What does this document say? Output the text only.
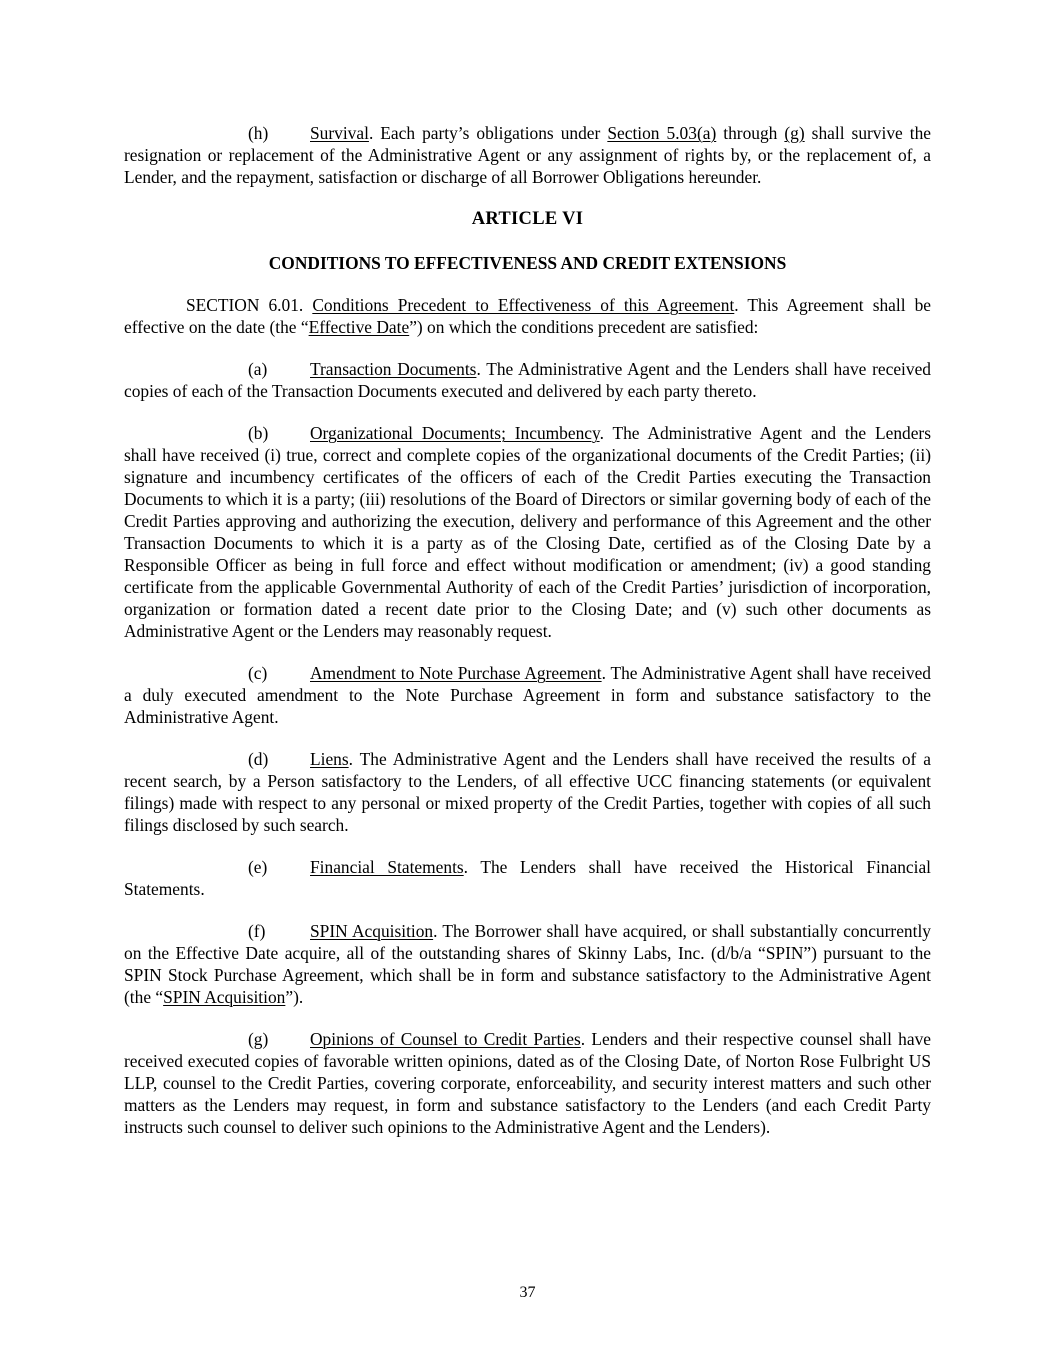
(h) Survival. Each party’s obligations under Section 5.03(a) through (g) shall survive the resignation or replacement of the Administrative Agent or any assignment of rights by, or the replacement of, a Lender, and the repayment, satisfaction or discharge of all Borrower Obligations hereunder.

ARTICLE VI
CONDITIONS TO EFFECTIVENESS AND CREDIT EXTENSIONS

SECTION 6.01. Conditions Precedent to Effectiveness of this Agreement. This Agreement shall be effective on the date (the “Effective Date”) on which the conditions precedent are satisfied:

(a) Transaction Documents. The Administrative Agent and the Lenders shall have received copies of each of the Transaction Documents executed and delivered by each party thereto.

(b) Organizational Documents; Incumbency. The Administrative Agent and the Lenders shall have received (i) true, correct and complete copies of the organizational documents of the Credit Parties; (ii) signature and incumbency certificates of the officers of each of the Credit Parties executing the Transaction Documents to which it is a party; (iii) resolutions of the Board of Directors or similar governing body of each of the Credit Parties approving and authorizing the execution, delivery and performance of this Agreement and the other Transaction Documents to which it is a party as of the Closing Date, certified as of the Closing Date by a Responsible Officer as being in full force and effect without modification or amendment; (iv) a good standing certificate from the applicable Governmental Authority of each of the Credit Parties’ jurisdiction of incorporation, organization or formation dated a recent date prior to the Closing Date; and (v) such other documents as Administrative Agent or the Lenders may reasonably request.

(c) Amendment to Note Purchase Agreement. The Administrative Agent shall have received a duly executed amendment to the Note Purchase Agreement in form and substance satisfactory to the Administrative Agent.

(d) Liens. The Administrative Agent and the Lenders shall have received the results of a recent search, by a Person satisfactory to the Lenders, of all effective UCC financing statements (or equivalent filings) made with respect to any personal or mixed property of the Credit Parties, together with copies of all such filings disclosed by such search.

(e) Financial Statements. The Lenders shall have received the Historical Financial Statements.

(f)	SPIN Acquisition. The Borrower shall have acquired, or shall substantially concurrently on the Effective Date acquire, all of the outstanding shares of Skinny Labs, Inc. (d/b/a “SPIN”) pursuant to the SPIN Stock Purchase Agreement, which shall be in form and substance satisfactory to the Administrative Agent (the “SPIN Acquisition”).

(g) Opinions of Counsel to Credit Parties. Lenders and their respective counsel shall have received executed copies of favorable written opinions, dated as of the Closing Date, of Norton Rose Fulbright US LLP, counsel to the Credit Parties, covering corporate, enforceability, and security interest matters and such other matters as the Lenders may request, in form and substance satisfactory to the Lenders (and each Credit Party instructs such counsel to deliver such opinions to the Administrative Agent and the Lenders).

37
